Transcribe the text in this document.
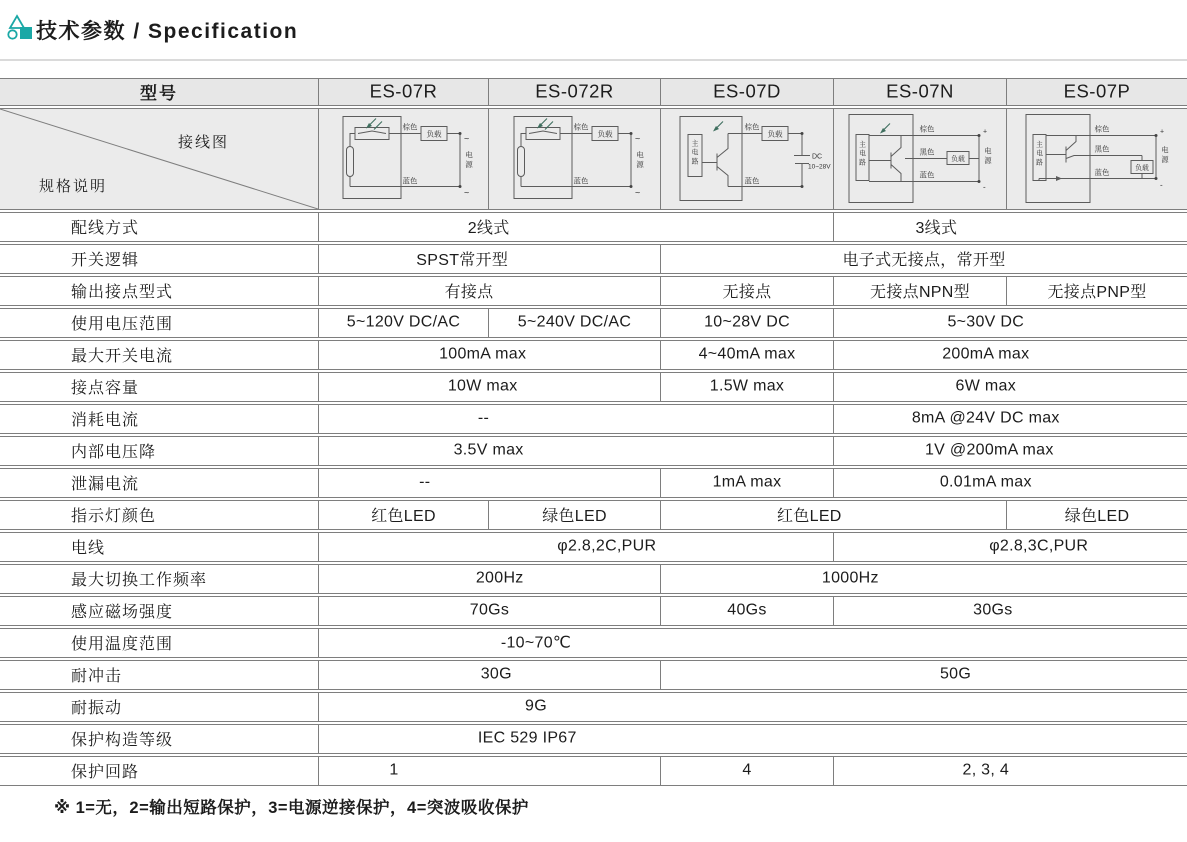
技术参数 / Specification
型号	ES-07R	ES-072R	ES-07D	ES-07N	ES-07P
接线图
规格说明
棕色
负载
蓝色
~
~
电
源
棕色
负载
蓝色
~
~
电
源
主
电
路
棕色
负载
蓝色
DC
10~28V
主
电
路
棕色
黑色
蓝色
负载
+
-
电
源
主
电
路
棕色
黑色
蓝色	负载
+
-
电
源
配线方式	2线式	3线式
开关逻辑	SPST常开型	电子式无接点，常开型
输出接点型式	有接点	无接点	无接点NPN型	无接点PNP型
使用电压范围	5~120V DC/AC	5~240V DC/AC	10~28V DC	5~30V DC
最大开关电流	100mA max	4~40mA max	200mA max
接点容量	10W max	1.5W max	6W max
消耗电流	--	8mA @24V DC max
内部电压降	3.5V max	1V @200mA max
泄漏电流	--	1mA max	0.01mA max
指示灯颜色	红色LED	绿色LED	红色LED	绿色LED
电线	φ2.8,2C,PUR	φ2.8,3C,PUR
最大切换工作频率	200Hz	1000Hz
感应磁场强度	70Gs	40Gs	30Gs
使用温度范围	-10~70℃
耐冲击	30G	50G
耐振动	9G
保护构造等级	IEC 529 IP67
保护回路	1	4	2, 3, 4
※ 1=无，2=输出短路保护，3=电源逆接保护，4=突波吸收保护
